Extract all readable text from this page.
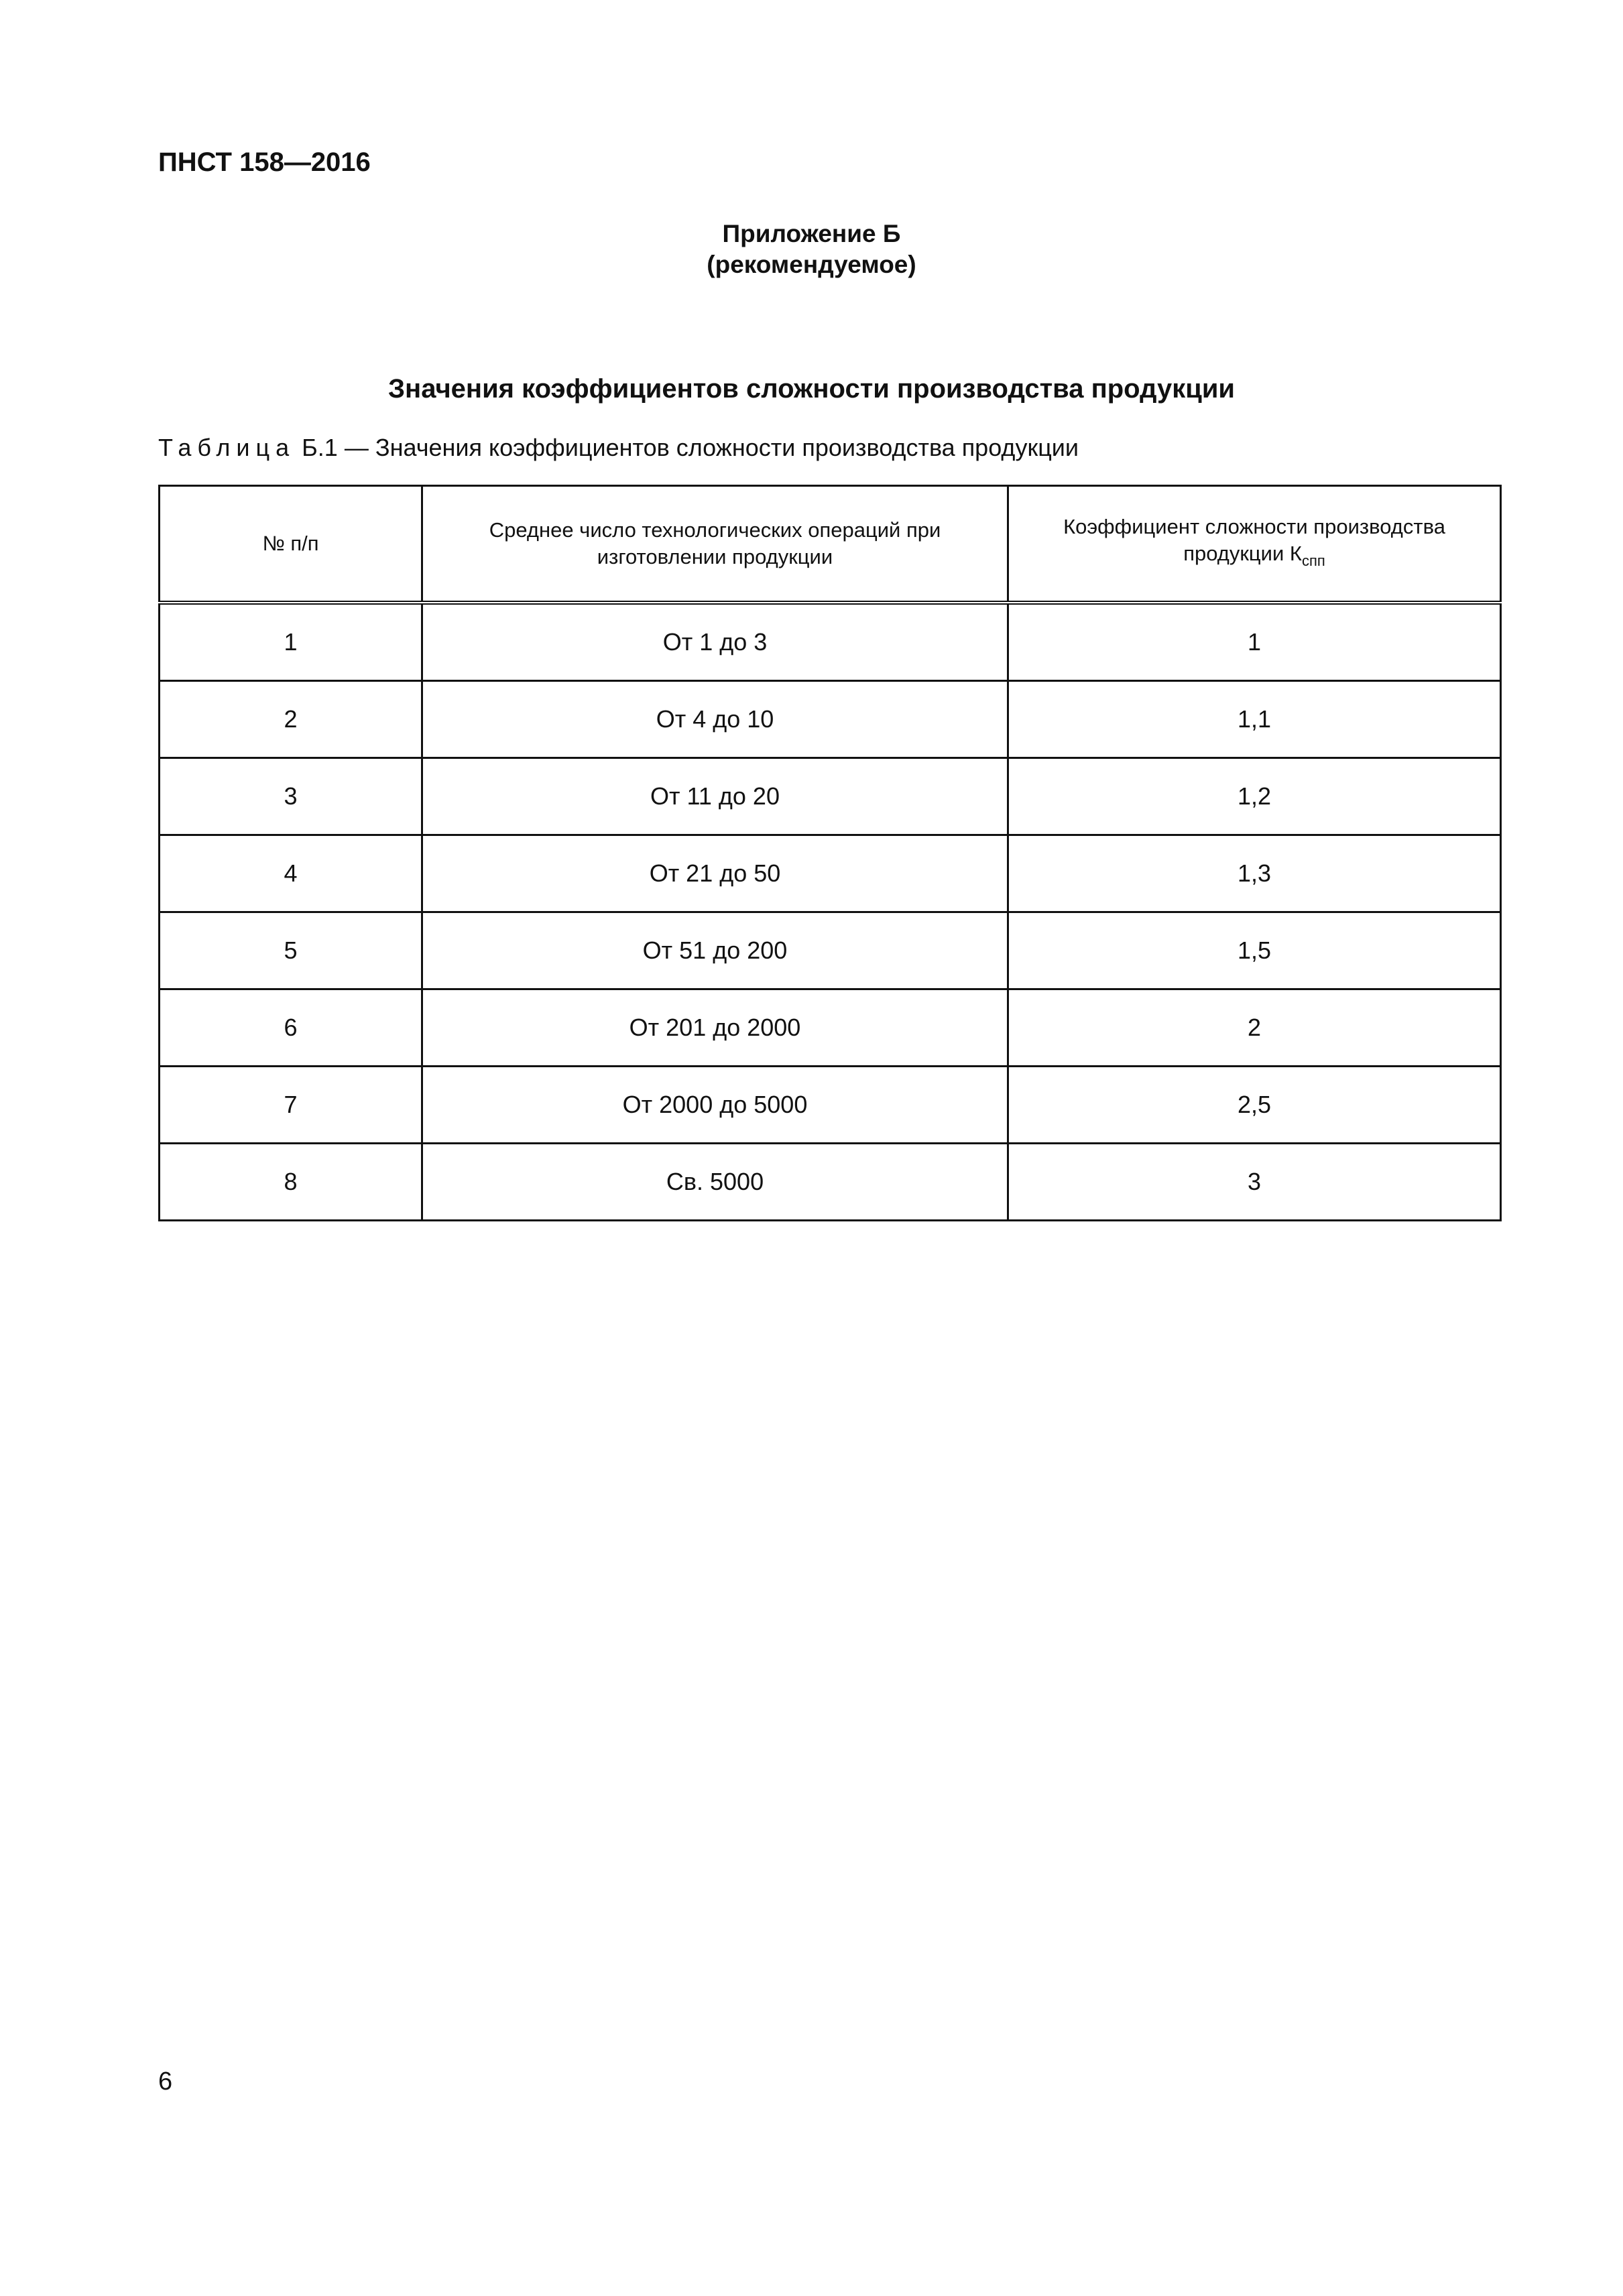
ПНСТ 158—2016
Приложение Б
(рекомендуемое)
Значения коэффициентов сложности производства продукции
Таблица Б.1 — Значения коэффициентов сложности производства продукции
№ п/п	Среднее число технологических операций при изготовлении продукции	Коэффициент сложности производства продукции $К_{спп}$
1	От 1 до 3	1
2	От 4 до 10	1,1
3	От 11 до 20	1,2
4	От 21 до 50	1,3
5	От 51 до 200	1,5
6	От 201 до 2000	2
7	От 2000 до 5000	2,5
8	Св. 5000	3
6
